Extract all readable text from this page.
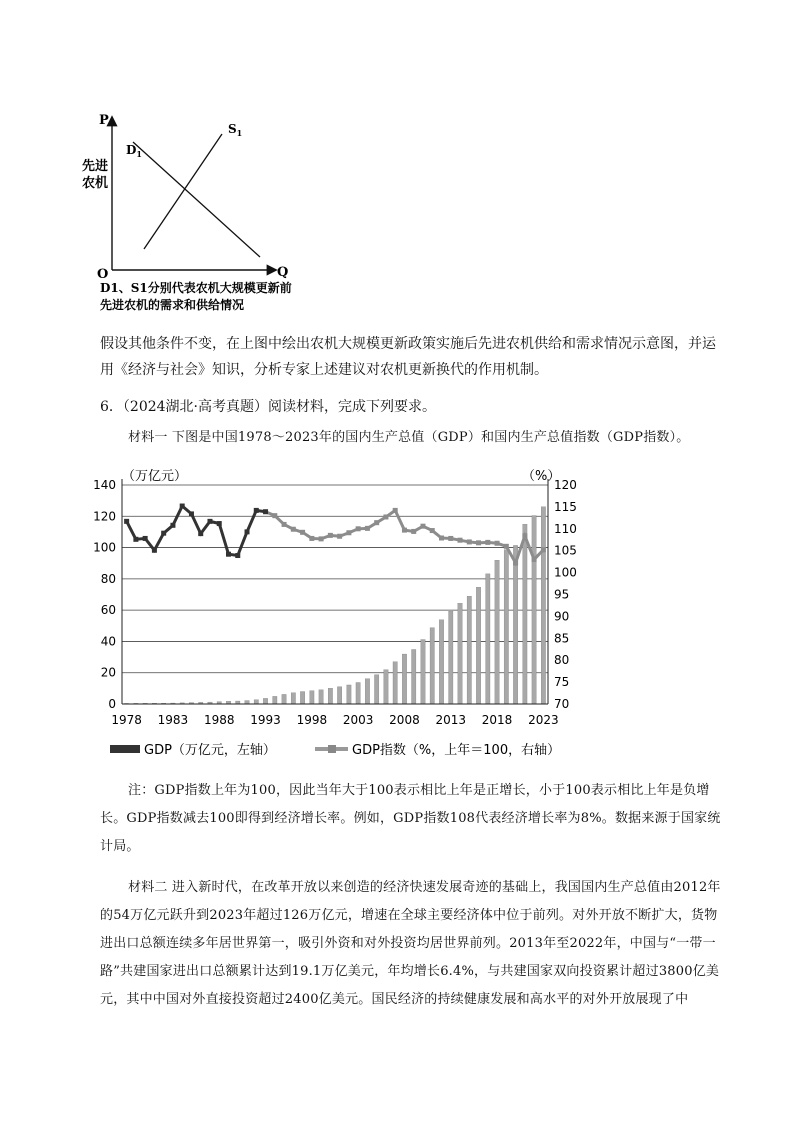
P
Q
O
先进
农机
$D_1$
$S_1$
D1、S1分别代表农机大规模更新前
先进农机的需求和供给情况

假设其他条件不变，在上图中绘出农机大规模更新政策实施后先进农机供给和需求情况示意图，并运用《经济与社会》知识，分析专家上述建议对农机更新换代的作用机制。

6．（2024湖北·高考真题）阅读材料，完成下列要求。

材料一 下图是中国1978～2023年的国内生产总值（GDP）和国内生产总值指数（GDP指数）。

140
120
100
80
60
40
20
0
120
115
110
105
100
95
90
85
80
75
70
1978 1983 1988 1993 1998 2003 2008 2013 2018 2023
（万亿元）	（%）
GDP（万亿元，左轴）	GDP指数（%，上年＝100，右轴）

注：GDP指数上年为100，因此当年大于100表示相比上年是正增长，小于100表示相比上年是负增长。GDP指数减去100即得到经济增长率。例如，GDP指数108代表经济增长率为8%。数据来源于国家统计局。

材料二 进入新时代，在改革开放以来创造的经济快速发展奇迹的基础上，我国国内生产总值由2012年的54万亿元跃升到2023年超过126万亿元，增速在全球主要经济体中位于前列。对外开放不断扩大，货物进出口总额连续多年居世界第一，吸引外资和对外投资均居世界前列。2013年至2022年，中国与“一带一路”共建国家进出口总额累计达到19.1万亿美元，年均增长6.4%，与共建国家双向投资累计超过3800亿美元，其中中国对外直接投资超过2400亿美元。国民经济的持续健康发展和高水平的对外开放展现了中
